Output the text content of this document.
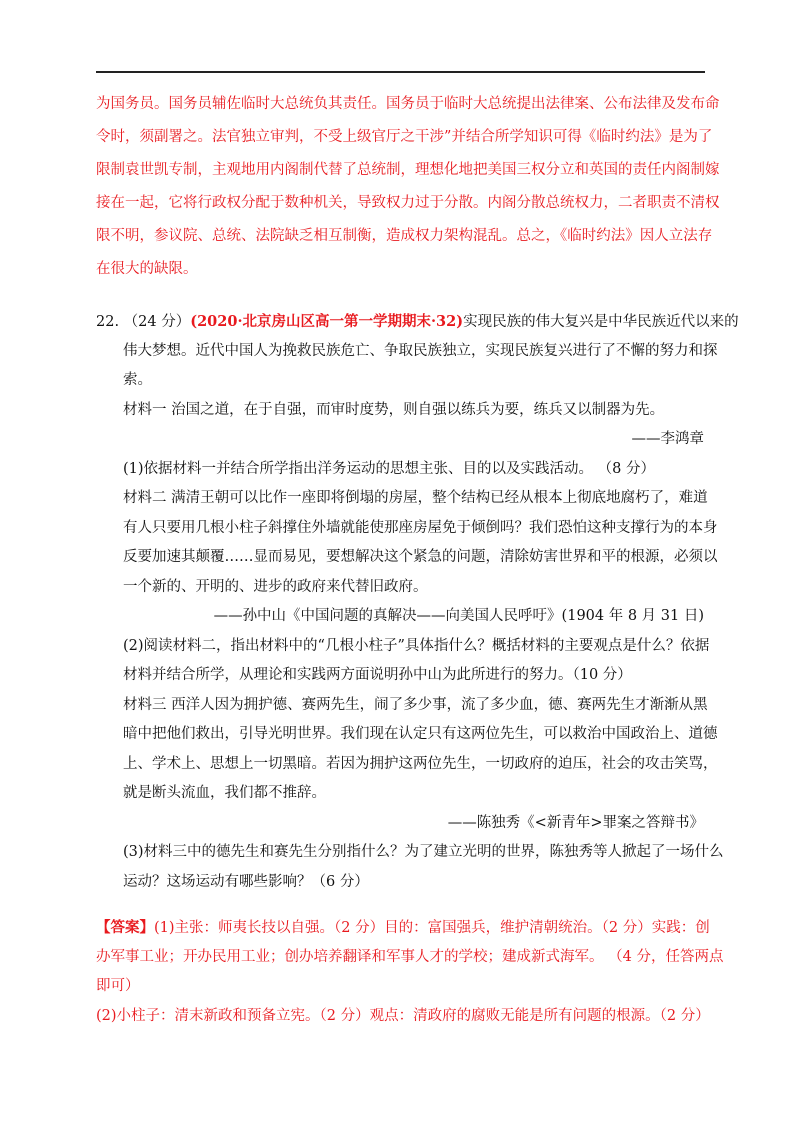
为国务员。国务员辅佐临时大总统负其责任。国务员于临时大总统提出法律案、公布法律及发布命
令时，须副署之。法官独立审判，不受上级官厅之干涉”并结合所学知识可得《临时约法》是为了
限制袁世凯专制，主观地用内阁制代替了总统制，理想化地把美国三权分立和英国的责任内阁制嫁
接在一起，它将行政权分配于数种机关，导致权力过于分散。内阁分散总统权力，二者职责不清权
限不明，参议院、总统、法院缺乏相互制衡，造成权力架构混乱。总之，《临时约法》因人立法存
在很大的缺限。
22. （24 分）(2020·北京房山区高一第一学期期末·32)实现民族的伟大复兴是中华民族近代以来的
伟大梦想。近代中国人为挽救民族危亡、争取民族独立，实现民族复兴进行了不懈的努力和探
索。
材料一 治国之道，在于自强，而审时度势，则自强以练兵为要，练兵又以制器为先。
——李鸿章
(1)依据材料一并结合所学指出洋务运动的思想主张、目的以及实践活动。 （8 分）
材料二 满清王朝可以比作一座即将倒塌的房屋，整个结构已经从根本上彻底地腐朽了，难道
有人只要用几根小柱子斜撑住外墙就能使那座房屋免于倾倒吗？我们恐怕这种支撑行为的本身
反要加速其颠覆……显而易见，要想解决这个紧急的问题，清除妨害世界和平的根源，必须以
一个新的、开明的、进步的政府来代替旧政府。
——孙中山《中国问题的真解决——向美国人民呼吁》(1904 年 8 月 31 日)
(2)阅读材料二，指出材料中的“几根小柱子”具体指什么？概括材料的主要观点是什么？依据
材料并结合所学，从理论和实践两方面说明孙中山为此所进行的努力。（10 分）
材料三 西洋人因为拥护德、赛两先生，闹了多少事，流了多少血，德、赛两先生才渐渐从黑
暗中把他们救出，引导光明世界。我们现在认定只有这两位先生，可以救治中国政治上、道德
上、学术上、思想上一切黑暗。若因为拥护这两位先生，一切政府的迫压，社会的攻击笑骂，
就是断头流血，我们都不推辞。
——陈独秀《<新青年>罪案之答辩书》
(3)材料三中的德先生和赛先生分别指什么？为了建立光明的世界，陈独秀等人掀起了一场什么
运动？这场运动有哪些影响？（6 分）
【答案】(1)主张：师夷长技以自强。（2 分）目的：富国强兵，维护清朝统治。（2 分）实践：创
办军事工业；开办民用工业；创办培养翻译和军事人才的学校；建成新式海军。 （4 分，任答两点
即可）
(2)小柱子：清末新政和预备立宪。（2 分）观点：清政府的腐败无能是所有问题的根源。（2 分）
